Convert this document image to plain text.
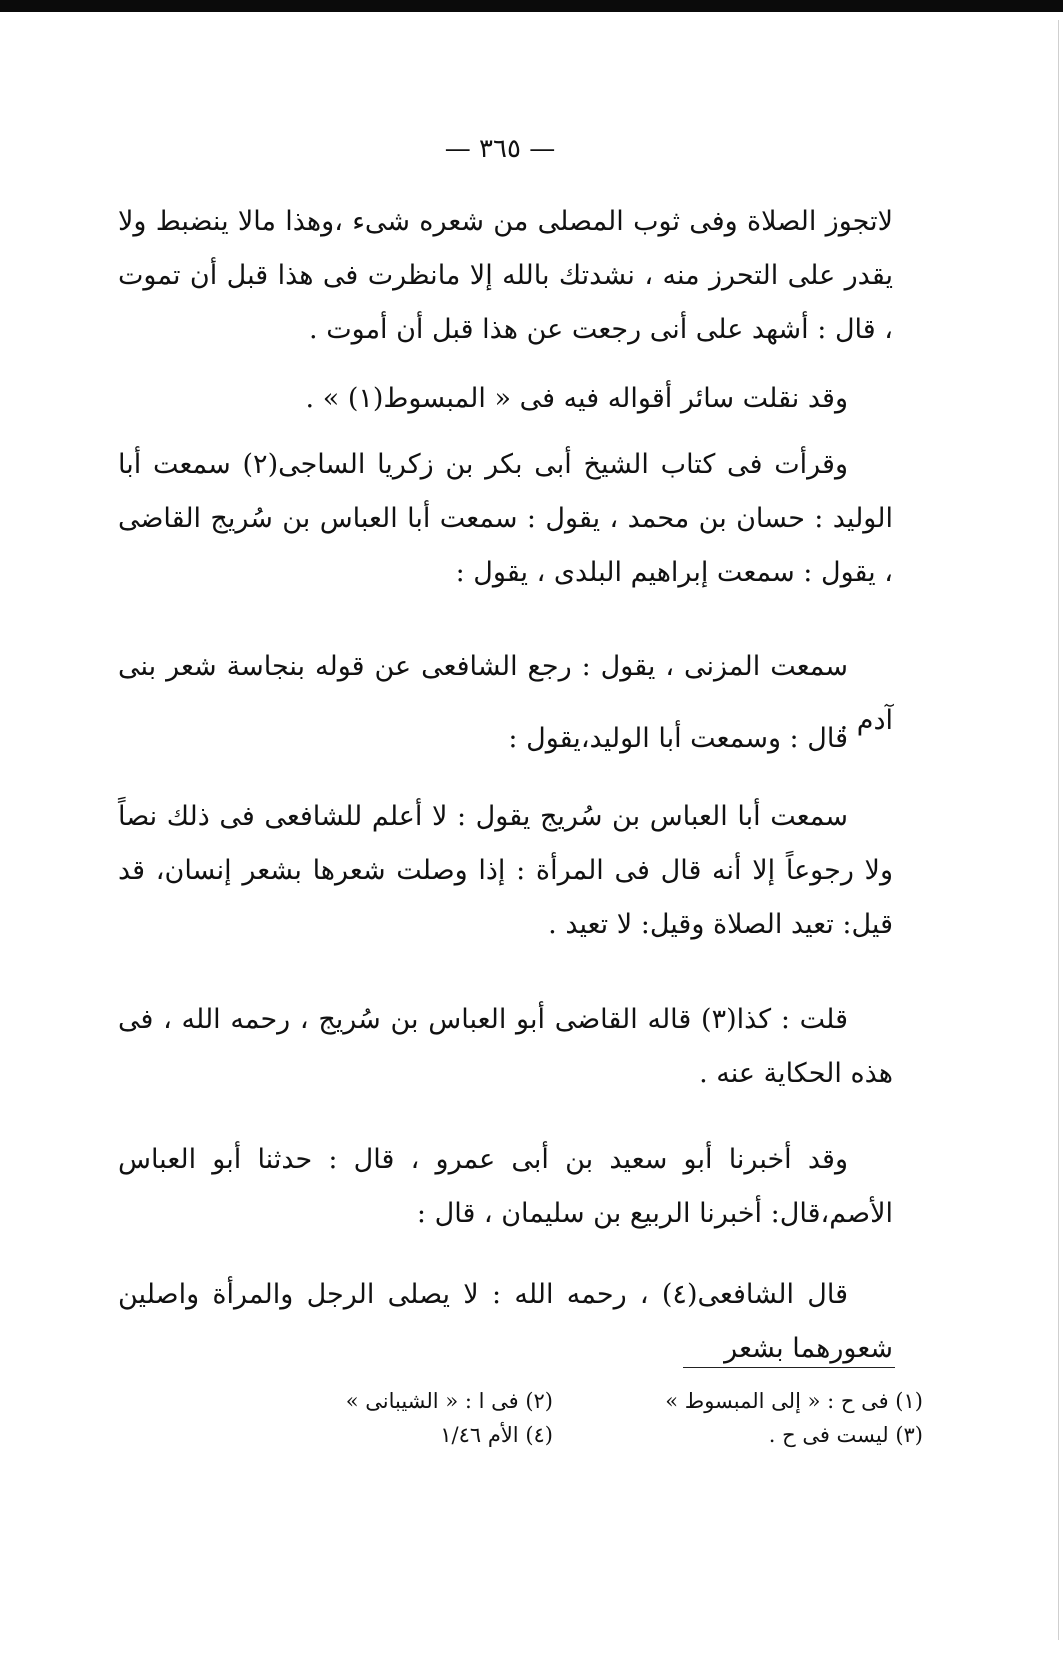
— ٣٦٥ —
لاتجوز الصلاة وفى ثوب المصلى من شعره شىء ،وهذا مالا ينضبط ولا يقدر على التحرز منه ، نشدتك بالله إلا مانظرت فى هذا قبل أن تموت ، قال : أشهد على أنى رجعت عن هذا قبل أن أموت .
وقد نقلت سائر أقواله فيه فى « المبسوط(١) » .
وقرأت فى كتاب الشيخ أبى بكر بن زكريا الساجى(٢) سمعت أبا الوليد : حسان بن محمد ، يقول : سمعت أبا العباس بن سُريج القاضى ، يقول : سمعت إبراهيم البلدى ، يقول :
سمعت المزنى ، يقول : رجع الشافعى عن قوله بنجاسة شعر بنى آدم .
قال : وسمعت أبا الوليد،يقول :
سمعت أبا العباس بن سُريج يقول : لا أعلم للشافعى فى ذلك نصاً ولا رجوعاً إلا أنه قال فى المرأة : إذا وصلت شعرها بشعر إنسان، قد قيل: تعيد الصلاة وقيل: لا تعيد .
قلت : كذا(٣) قاله القاضى أبو العباس بن سُريج ، رحمه الله ، فى هذه الحكاية عنه .
وقد أخبرنا أبو سعيد بن أبى عمرو ، قال : حدثنا أبو العباس الأصم،قال: أخبرنا الربيع بن سليمان ، قال :
قال الشافعى(٤) ، رحمه الله : لا يصلى الرجل والمرأة واصلين شعورهما بشعر
(١) فى ح : « إلى المبسوط »
(٢) فى ا : « الشيبانى »
(٣) ليست فى ح .
(٤) الأم ١/٤٦
